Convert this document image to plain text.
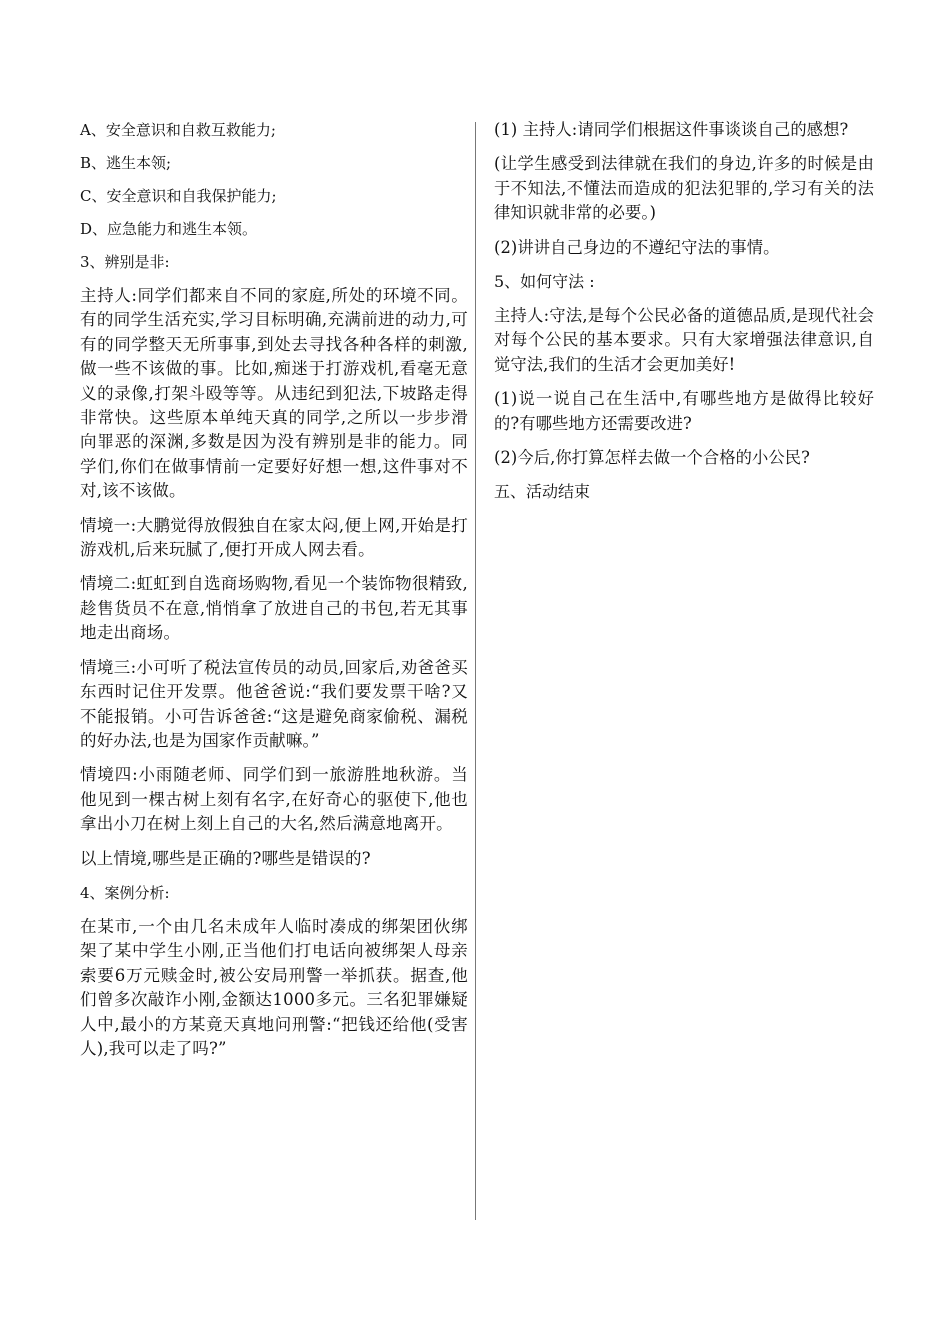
A、安全意识和自救互救能力;

B、逃生本领;

C、安全意识和自我保护能力;

D、应急能力和逃生本领。

3、辨别是非:

主持人:同学们都来自不同的家庭,所处的环境不同。有的同学生活充实,学习目标明确,充满前进的动力,可有的同学整天无所事事,到处去寻找各种各样的刺激,做一些不该做的事。比如,痴迷于打游戏机,看毫无意义的录像,打架斗殴等等。从违纪到犯法,下坡路走得非常快。这些原本单纯天真的同学,之所以一步步滑向罪恶的深渊,多数是因为没有辨别是非的能力。同学们,你们在做事情前一定要好好想一想,这件事对不对,该不该做。

情境一:大鹏觉得放假独自在家太闷,便上网,开始是打游戏机,后来玩腻了,便打开成人网去看。

情境二:虹虹到自选商场购物,看见一个装饰物很精致,趁售货员不在意,悄悄拿了放进自己的书包,若无其事地走出商场。

情境三:小可听了税法宣传员的动员,回家后,劝爸爸买东西时记住开发票。他爸爸说:“我们要发票干啥?又不能报销。小可告诉爸爸:“这是避免商家偷税、漏税的好办法,也是为国家作贡献嘛。”

情境四:小雨随老师、同学们到一旅游胜地秋游。当他见到一棵古树上刻有名字,在好奇心的驱使下,他也拿出小刀在树上刻上自己的大名,然后满意地离开。

以上情境,哪些是正确的?哪些是错误的?

4、案例分析:

在某市,一个由几名未成年人临时凑成的绑架团伙绑架了某中学生小刚,正当他们打电话向被绑架人母亲索要6万元赎金时,被公安局刑警一举抓获。据查,他们曾多次敲诈小刚,金额达1000多元。三名犯罪嫌疑人中,最小的方某竟天真地问刑警:“把钱还给他(受害人),我可以走了吗?”

(1) 主持人:请同学们根据这件事谈谈自己的感想?

(让学生感受到法律就在我们的身边,许多的时候是由于不知法,不懂法而造成的犯法犯罪的,学习有关的法律知识就非常的必要。)

(2)讲讲自己身边的不遵纪守法的事情。

5、如何守法 :

主持人:守法,是每个公民必备的道德品质,是现代社会对每个公民的基本要求。只有大家增强法律意识,自觉守法,我们的生活才会更加美好!

(1)说一说自己在生活中,有哪些地方是做得比较好的?有哪些地方还需要改进?

(2)今后,你打算怎样去做一个合格的小公民?

五、活动结束
